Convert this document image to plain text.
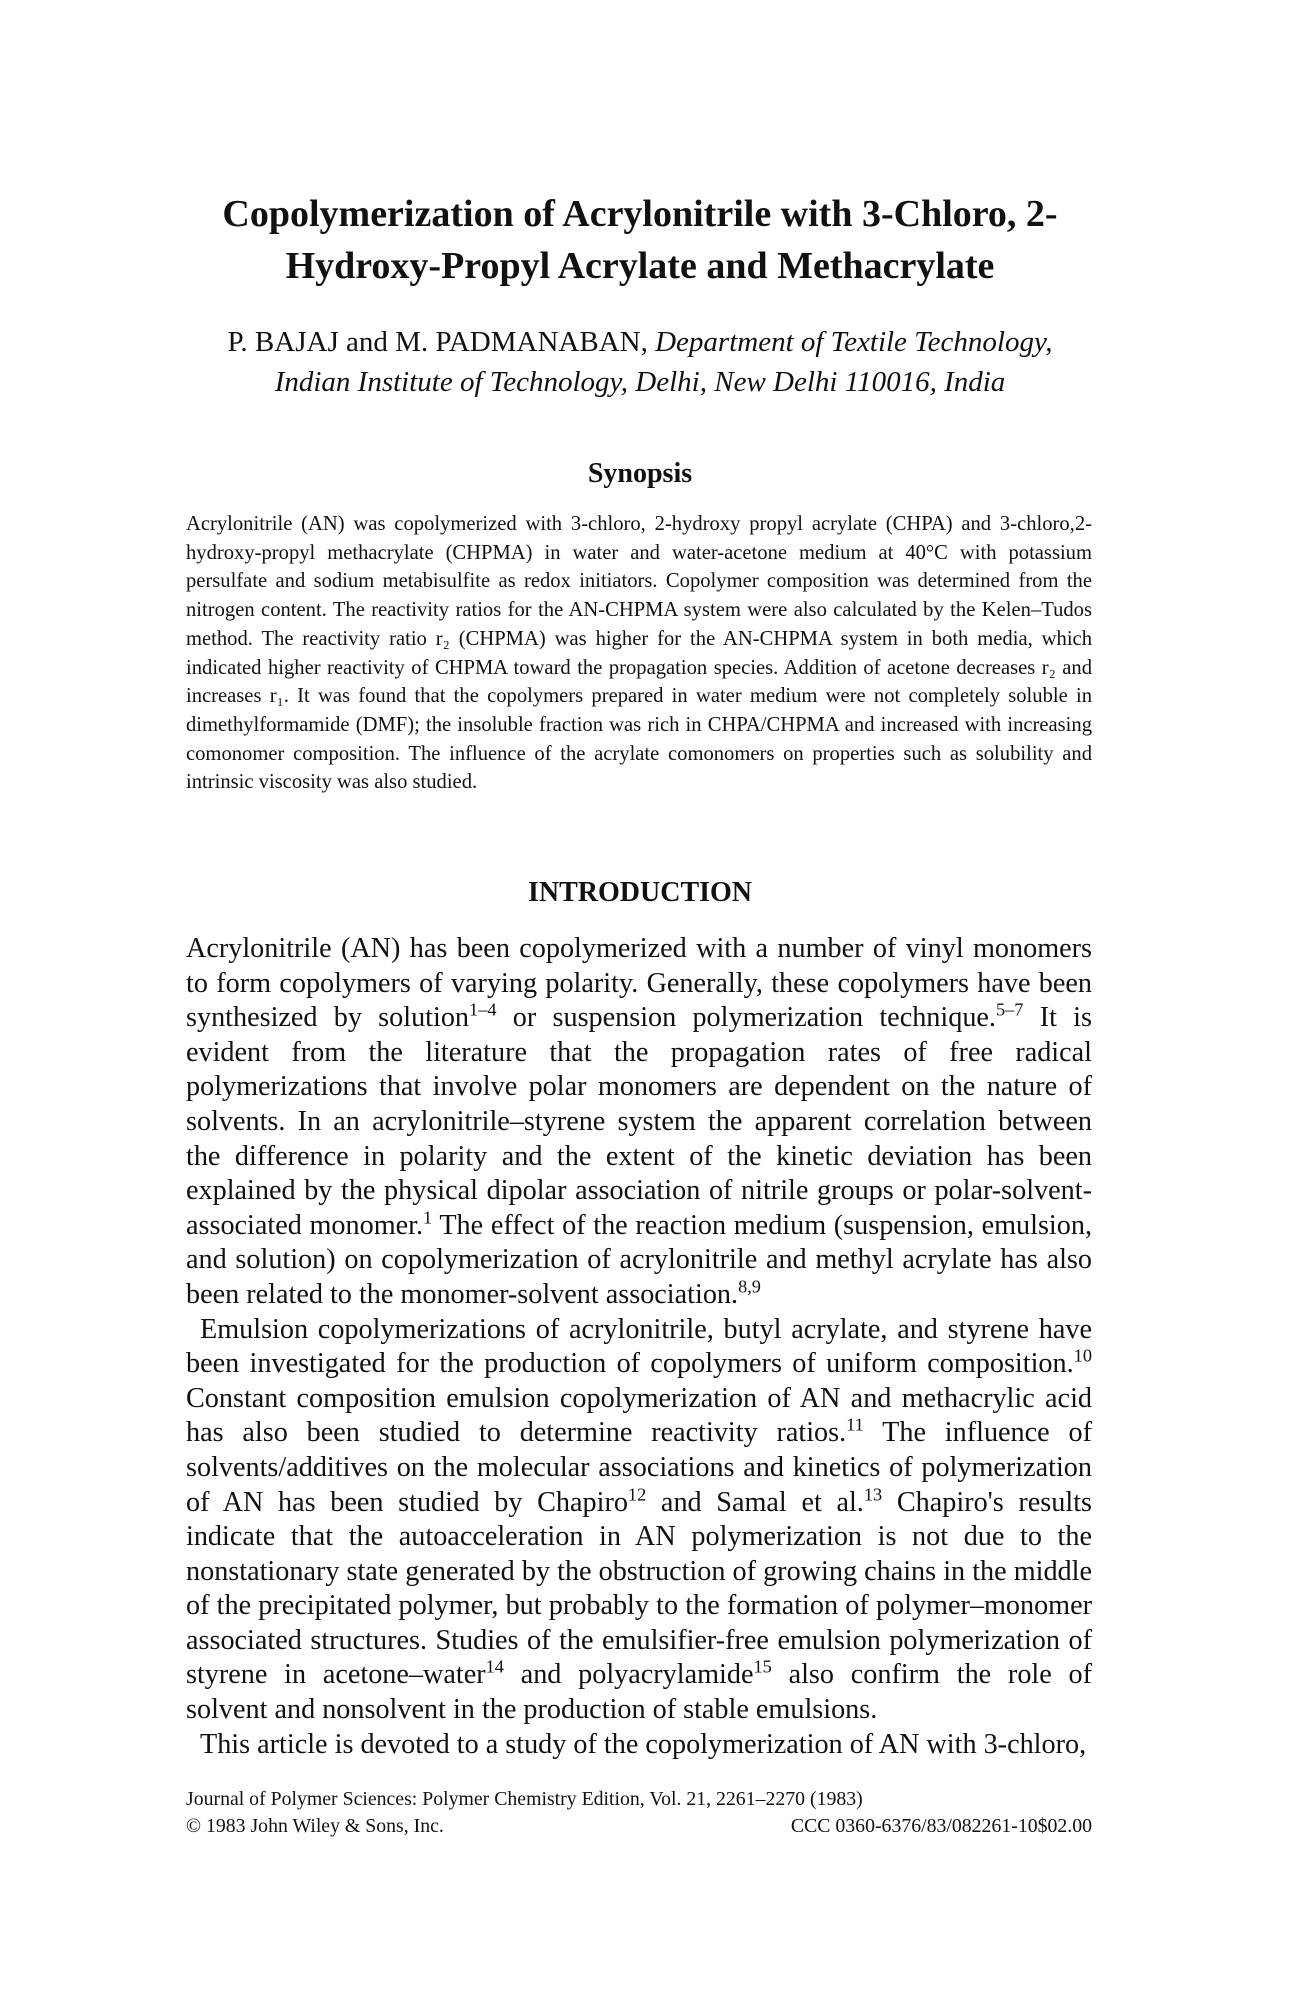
Copolymerization of Acrylonitrile with 3-Chloro, 2-
Hydroxy-Propyl Acrylate and Methacrylate
P. BAJAJ and M. PADMANABAN, Department of Textile Technology,
Indian Institute of Technology, Delhi, New Delhi 110016, India
Synopsis

Acrylonitrile (AN) was copolymerized with 3-chloro, 2-hydroxy propyl acrylate (CHPA) and 3-chloro,2-hydroxy-propyl methacrylate (CHPMA) in water and water-acetone medium at 40°C with potassium persulfate and sodium metabisulfite as redox initiators. Copolymer composition was determined from the nitrogen content. The reactivity ratios for the AN-CHPMA system were also calculated by the Kelen–Tudos method. The reactivity ratio r₂ (CHPMA) was higher for the AN-CHPMA system in both media, which indicated higher reactivity of CHPMA toward the propagation species. Addition of acetone decreases r₂ and increases r₁. It was found that the copolymers prepared in water medium were not completely soluble in dimethylformamide (DMF); the insoluble fraction was rich in CHPA/CHPMA and increased with increasing comonomer composition. The influence of the acrylate comonomers on properties such as solubility and intrinsic viscosity was also studied.

INTRODUCTION

Acrylonitrile (AN) has been copolymerized with a number of vinyl monomers to form copolymers of varying polarity. Generally, these copolymers have been synthesized by solution$^{1-4}$ or suspension polymerization technique.$^{5-7}$ It is evident from the literature that the propagation rates of free radical polymerizations that involve polar monomers are dependent on the nature of solvents. In an acrylonitrile–styrene system the apparent correlation between the difference in polarity and the extent of the kinetic deviation has been explained by the physical dipolar association of nitrile groups or polar-solvent-associated monomer.$^1$ The effect of the reaction medium (suspension, emulsion, and solution) on copolymerization of acrylonitrile and methyl acrylate has also been related to the monomer-solvent association.$^{8,9}$

Emulsion copolymerizations of acrylonitrile, butyl acrylate, and styrene have been investigated for the production of copolymers of uniform composition.$^{10}$ Constant composition emulsion copolymerization of AN and methacrylic acid has also been studied to determine reactivity ratios.$^{11}$ The influence of solvents/additives on the molecular associations and kinetics of polymerization of AN has been studied by Chapiro$^{12}$ and Samal et al.$^{13}$ Chapiro's results indicate that the autoacceleration in AN polymerization is not due to the nonstationary state generated by the obstruction of growing chains in the middle of the precipitated polymer, but probably to the formation of polymer–monomer associated structures. Studies of the emulsifier-free emulsion polymerization of styrene in acetone–water$^{14}$ and polyacrylamide$^{15}$ also confirm the role of solvent and nonsolvent in the production of stable emulsions.

This article is devoted to a study of the copolymerization of AN with 3-chloro,

Journal of Polymer Sciences: Polymer Chemistry Edition, Vol. 21, 2261–2270 (1983)
© 1983 John Wiley & Sons, Inc.	CCC 0360-6376/83/082261-10$02.00
